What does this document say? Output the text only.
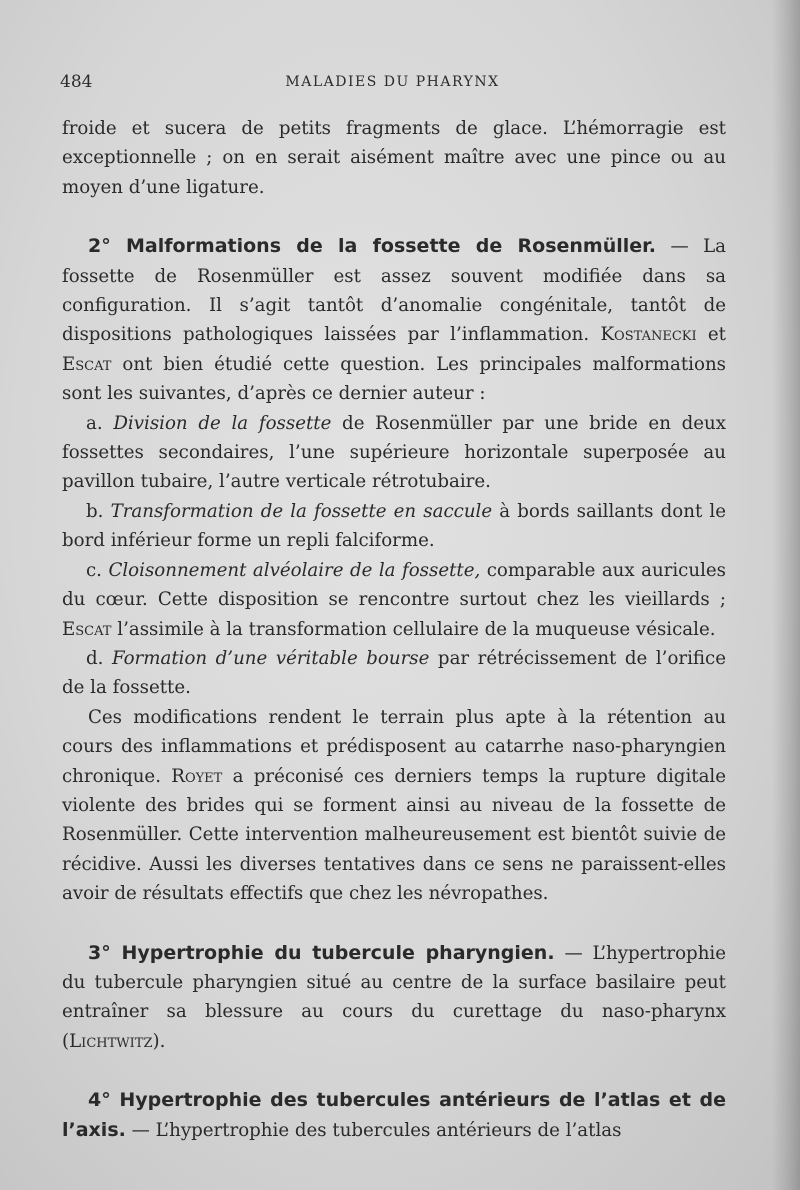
484	MALADIES DU PHARYNX

froide et sucera de petits fragments de glace. L’hémorragie est exceptionnelle ; on en serait aisément maître avec une pince ou au moyen d’une ligature.

2° Malformations de la fossette de Rosenmüller. — La fossette de Rosenmüller est assez souvent modifiée dans sa configuration. Il s’agit tantôt d’anomalie congénitale, tantôt de dispositions pathologiques laissées par l’inflammation. Kostanecki et Escat ont bien étudié cette question. Les principales malformations sont les suivantes, d’après ce dernier auteur :

a. Division de la fossette de Rosenmüller par une bride en deux fossettes secondaires, l’une supérieure horizontale superposée au pavillon tubaire, l’autre verticale rétrotubaire.

b. Transformation de la fossette en saccule à bords saillants dont le bord inférieur forme un repli falciforme.

c. Cloisonnement alvéolaire de la fossette, comparable aux auricules du cœur. Cette disposition se rencontre surtout chez les vieillards ; Escat l’assimile à la transformation cellulaire de la muqueuse vésicale.

d. Formation d’une véritable bourse par rétrécissement de l’orifice de la fossette.

Ces modifications rendent le terrain plus apte à la rétention au cours des inflammations et prédisposent au catarrhe naso-pharyngien chronique. Royet a préconisé ces derniers temps la rupture digitale violente des brides qui se forment ainsi au niveau de la fossette de Rosenmüller. Cette intervention malheureusement est bientôt suivie de récidive. Aussi les diverses tentatives dans ce sens ne paraissent-elles avoir de résultats effectifs que chez les névropathes.

3° Hypertrophie du tubercule pharyngien. — L’hypertrophie du tubercule pharyngien situé au centre de la surface basilaire peut entraîner sa blessure au cours du curettage du naso-pharynx (Lichtwitz).

4° Hypertrophie des tubercules antérieurs de l’atlas et de l’axis. — L’hypertrophie des tubercules antérieurs de l’atlas
